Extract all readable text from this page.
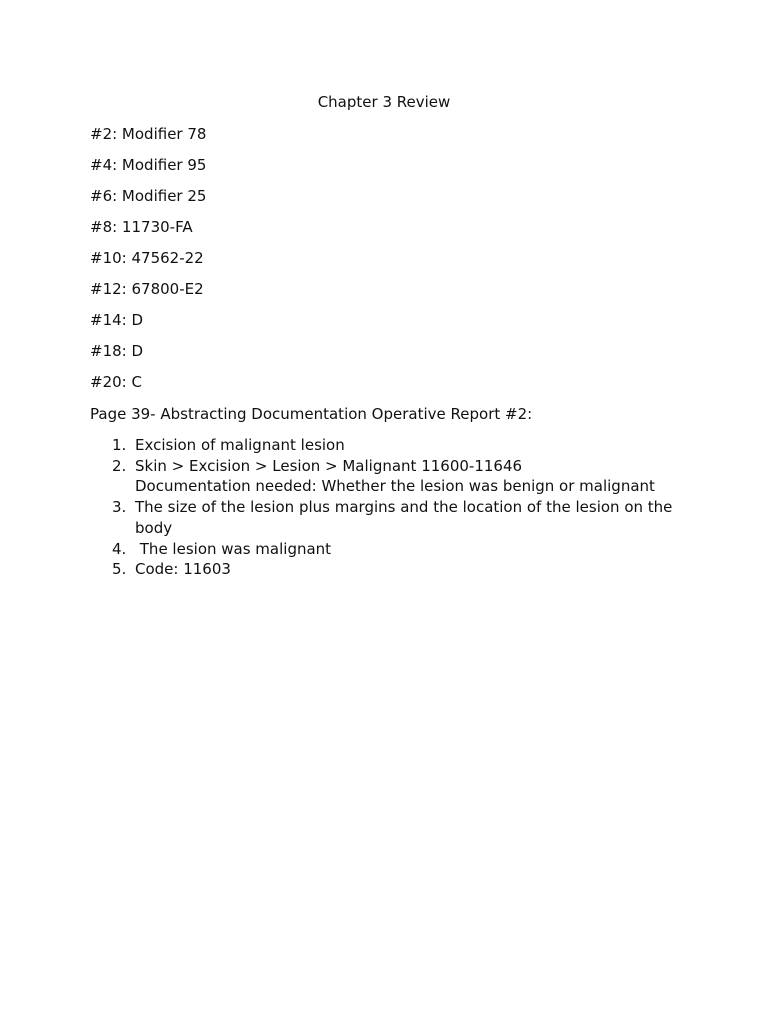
Chapter 3 Review
#2: Modifier 78
#4: Modifier 95
#6: Modifier 25
#8: 11730-FA
#10: 47562-22
#12: 67800-E2
#14: D
#18: D
#20: C
Page 39- Abstracting Documentation Operative Report #2:
1. Excision of malignant lesion
2. Skin > Excision > Lesion > Malignant 11600-11646
Documentation needed: Whether the lesion was benign or malignant
3. The size of the lesion plus margins and the location of the lesion on the body
4. The lesion was malignant
5. Code: 11603
